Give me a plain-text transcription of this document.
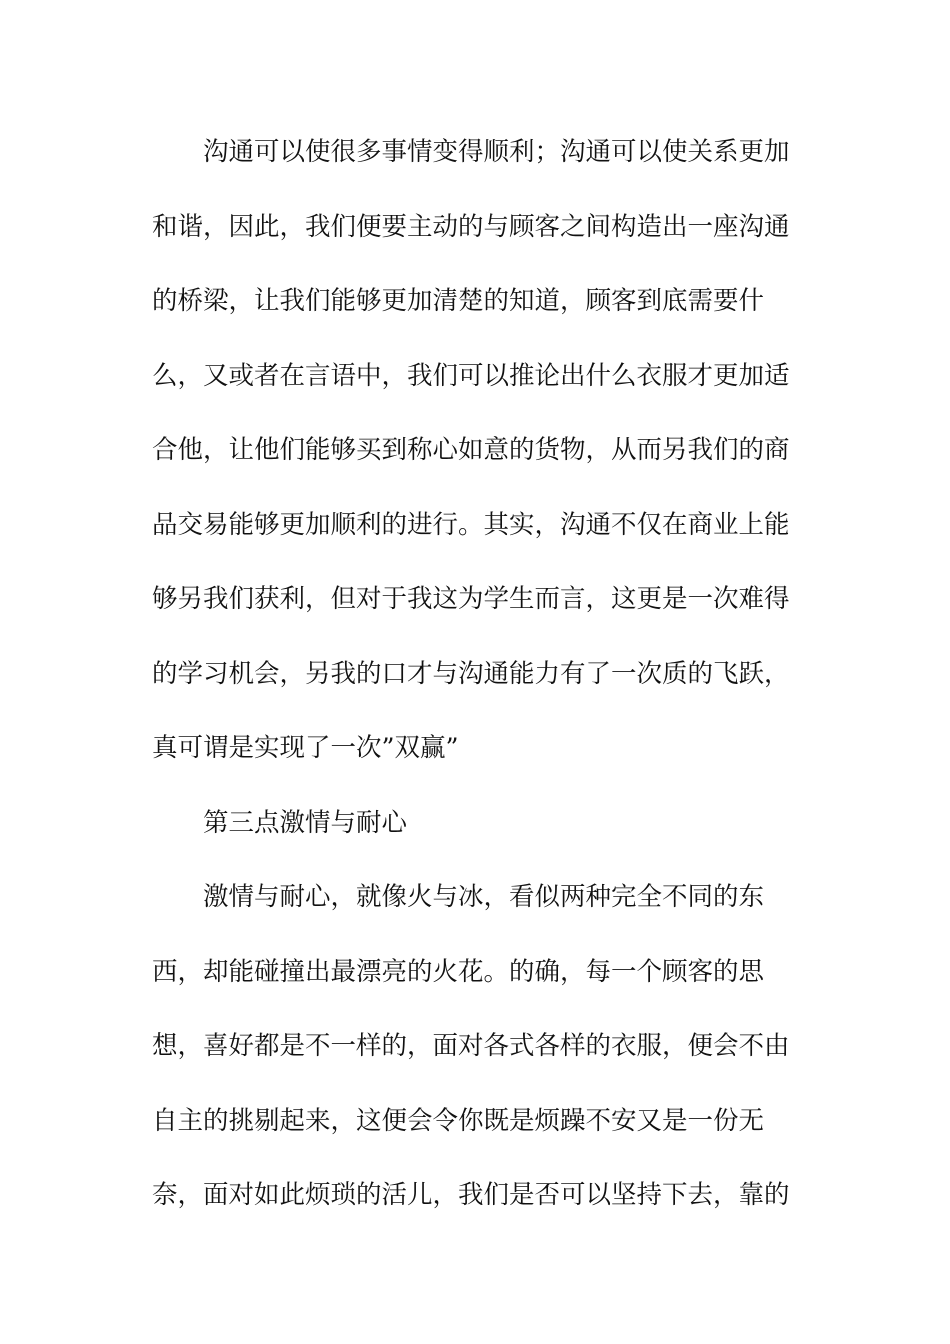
沟通可以使很多事情变得顺利；沟通可以使关系更加
和谐，因此，我们便要主动的与顾客之间构造出一座沟通
的桥梁，让我们能够更加清楚的知道，顾客到底需要什
么，又或者在言语中，我们可以推论出什么衣服才更加适
合他，让他们能够买到称心如意的货物，从而另我们的商
品交易能够更加顺利的进行。其实，沟通不仅在商业上能
够另我们获利，但对于我这为学生而言，这更是一次难得
的学习机会，另我的口才与沟通能力有了一次质的飞跃，
真可谓是实现了一次”双赢”
第三点激情与耐心
激情与耐心，就像火与冰，看似两种完全不同的东
西，却能碰撞出最漂亮的火花。的确，每一个顾客的思
想，喜好都是不一样的，面对各式各样的衣服，便会不由
自主的挑剔起来，这便会令你既是烦躁不安又是一份无
奈，面对如此烦琐的活儿，我们是否可以坚持下去，靠的
